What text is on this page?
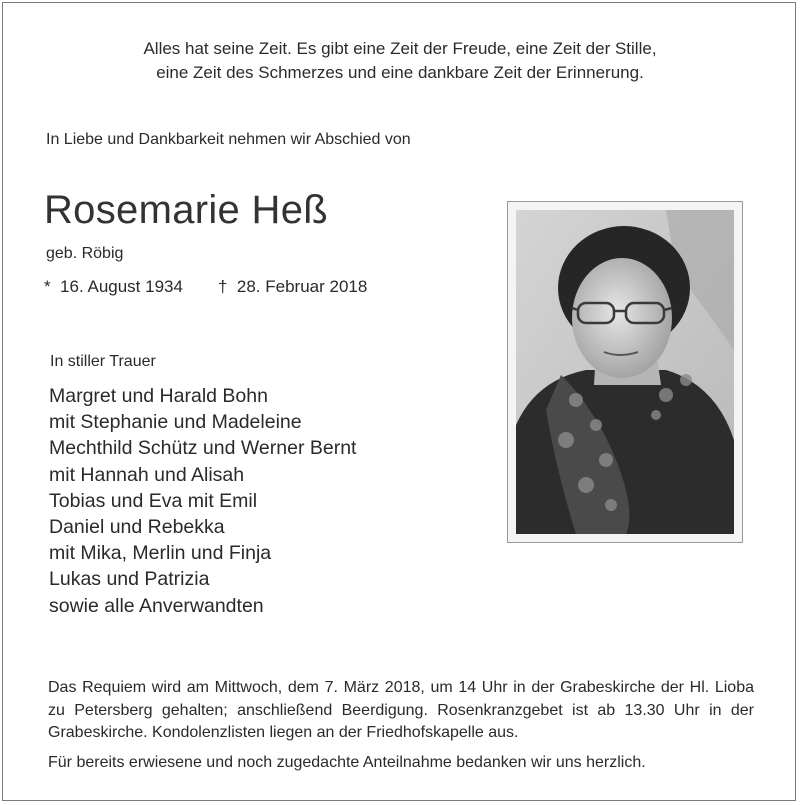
Alles hat seine Zeit. Es gibt eine Zeit der Freude, eine Zeit der Stille,
eine Zeit des Schmerzes und eine dankbare Zeit der Erinnerung.
In Liebe und Dankbarkeit nehmen wir Abschied von
Rosemarie Heß
geb. Röbig
*  16. August 1934 †  28. Februar 2018
In stiller Trauer
Margret und Harald Bohn
mit Stephanie und Madeleine
Mechthild Schütz und Werner Bernt
mit Hannah und Alisah
Tobias und Eva mit Emil
Daniel und Rebekka
mit Mika, Merlin und Finja
Lukas und Patrizia
sowie alle Anverwandten
Das Requiem wird am Mittwoch, dem 7. März 2018, um 14 Uhr in der Grabeskirche der Hl. Lioba zu Petersberg gehalten; anschließend Beerdigung. Rosenkranzgebet ist ab 13.30 Uhr in der Grabeskirche. Kondolenzlisten liegen an der Friedhofskapelle aus.
Für bereits erwiesene und noch zugedachte Anteilnahme bedanken wir uns herzlich.
